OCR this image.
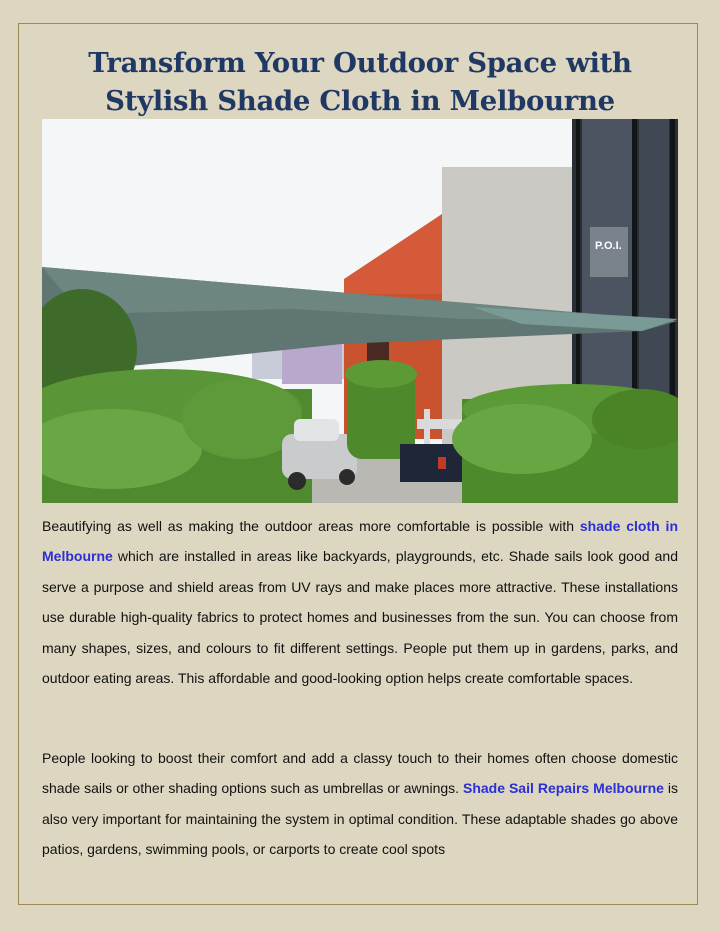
Transform Your Outdoor Space with Stylish Shade Cloth in Melbourne
P.O.I.

Beautifying as well as making the outdoor areas more comfortable is possible with shade cloth in Melbourne which are installed in areas like backyards, playgrounds, etc. Shade sails look good and serve a purpose and shield areas from UV rays and make places more attractive. These installations use durable high-quality fabrics to protect homes and businesses from the sun. You can choose from many shapes, sizes, and colours to fit different settings. People put them up in gardens, parks, and outdoor eating areas. This affordable and good-looking option helps create comfortable spaces.

People looking to boost their comfort and add a classy touch to their homes often choose domestic shade sails or other shading options such as umbrellas or awnings. Shade Sail Repairs Melbourne is also very important for maintaining the system in optimal condition. These adaptable shades go above patios, gardens, swimming pools, or carports to create cool spots
